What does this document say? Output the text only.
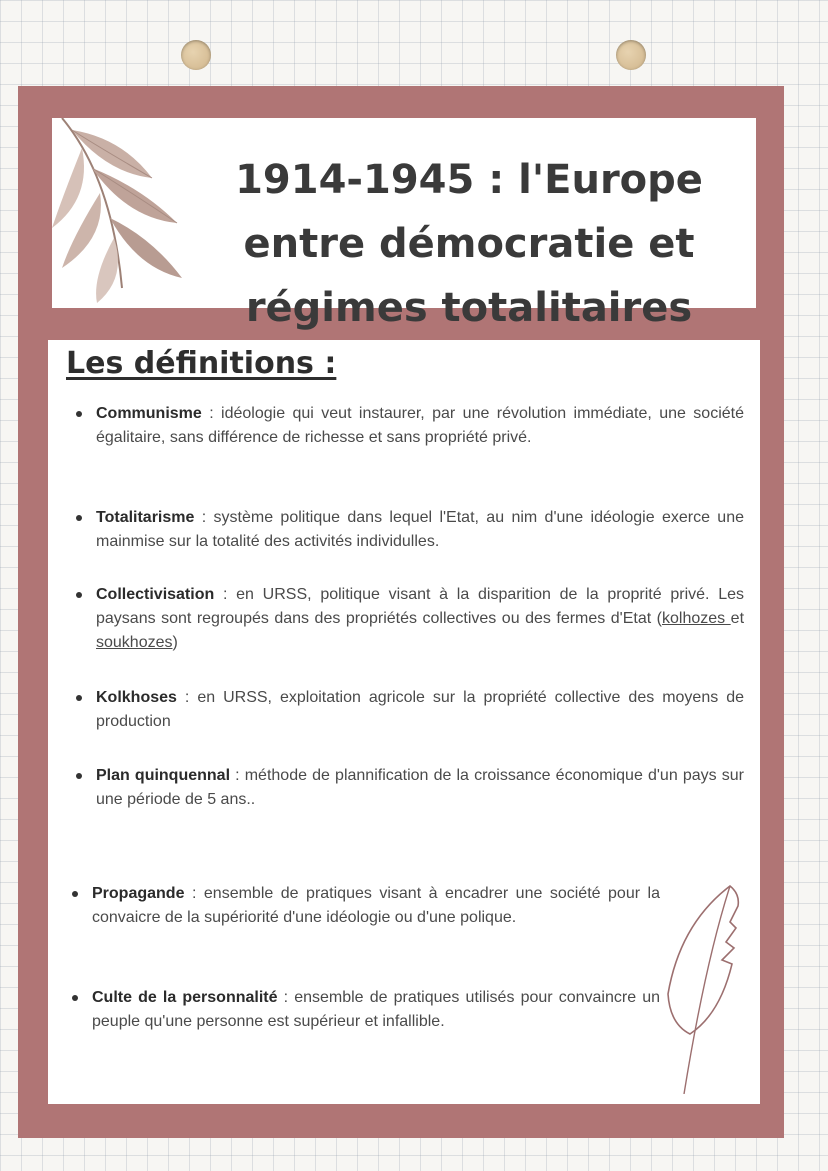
1914-1945 : l'Europe
entre démocratie et
régimes totalitaires
Les définitions :
Communisme : idéologie qui veut instaurer, par une révolution immédiate, une société égalitaire, sans différence de richesse et sans propriété privé.
Totalitarisme : système politique dans lequel l'Etat, au nim d'une idéologie exerce une mainmise sur la totalité des activités individulles.
Collectivisation : en URSS, politique visant à la disparition de la proprité privé. Les paysans sont regroupés dans des propriétés collectives ou des fermes d'Etat (kolhozes et soukhozes)
Kolkhoses : en URSS, exploitation agricole sur la propriété collective des moyens de production
Plan quinquennal : méthode de plannification de la croissance économique d'un pays sur une période de 5 ans..
Propagande : ensemble de pratiques visant à encadrer une société pour la convaicre de la supériorité d'une idéologie ou d'une polique.
Culte de la personnalité : ensemble de pratiques utilisés pour convaincre un peuple qu'une personne est supérieur et infallible.
